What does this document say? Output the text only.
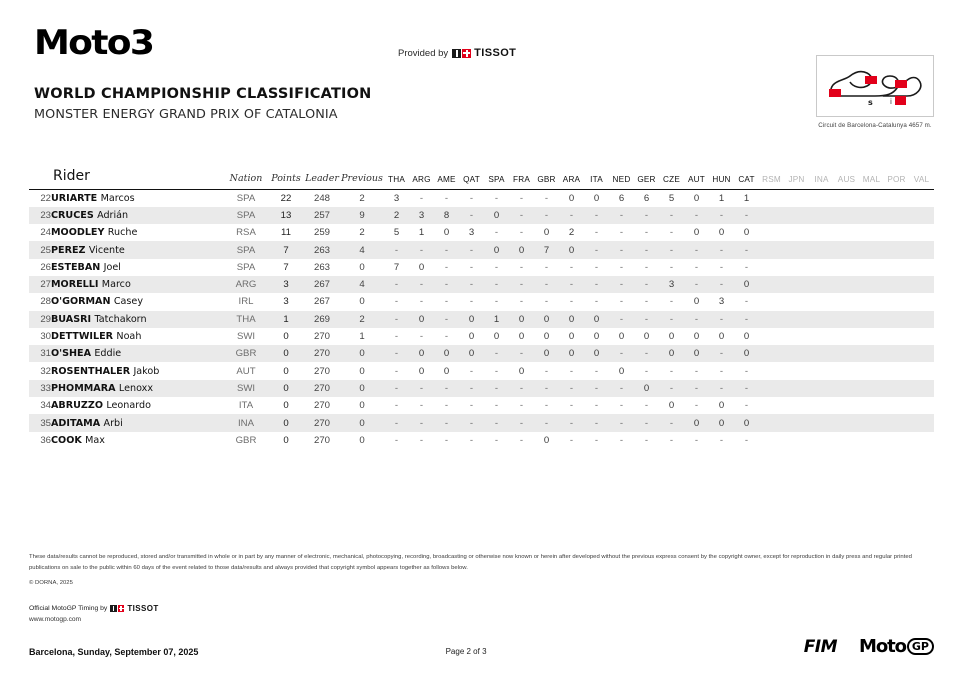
Moto3	Provided by TISSOT
WORLD CHAMPIONSHIP CLASSIFICATION
MONSTER ENERGY GRAND PRIX OF CATALONIA
i
s
Circuit de Barcelona-Catalunya 4657 m.
Rider		Nation	Points	Leader	Previous	THA	ARG	AME	QAT	SPA	FRA	GBR	ARA	ITA	NED	GER	CZE	AUT	HUN	CAT	RSM	JPN	INA	AUS	MAL	POR	VAL
22	URIARTE Marcos	SPA	22	248	2	3	-	-	-	-	-	-	0	0	6	6	5	0	1	1							
23	CRUCES Adrián	SPA	13	257	9	2	3	8	-	0	-	-	-	-	-	-	-	-	-	-							
24	MOODLEY Ruche	RSA	11	259	2	5	1	0	3	-	-	0	2	-	-	-	-	0	0	0							
25	PEREZ Vicente	SPA	7	263	4	-	-	-	-	0	0	7	0	-	-	-	-	-	-	-							
26	ESTEBAN Joel	SPA	7	263	0	7	0	-	-	-	-	-	-	-	-	-	-	-	-	-							
27	MORELLI Marco	ARG	3	267	4	-	-	-	-	-	-	-	-	-	-	-	3	-	-	0							
28	O'GORMAN Casey	IRL	3	267	0	-	-	-	-	-	-	-	-	-	-	-	-	0	3	-							
29	BUASRI Tatchakorn	THA	1	269	2	-	0	-	0	1	0	0	0	0	-	-	-	-	-	-							
30	DETTWILER Noah	SWI	0	270	1	-	-	-	0	0	0	0	0	0	0	0	0	0	0	0							
31	O'SHEA Eddie	GBR	0	270	0	-	0	0	0	-	-	0	0	0	-	-	0	0	-	0							
32	ROSENTHALER Jakob	AUT	0	270	0	-	0	0	-	-	0	-	-	-	0	-	-	-	-	-							
33	PHOMMARA Lenoxx	SWI	0	270	0	-	-	-	-	-	-	-	-	-	-	0	-	-	-	-							
34	ABRUZZO Leonardo	ITA	0	270	0	-	-	-	-	-	-	-	-	-	-	-	0	-	0	-							
35	ADITAMA Arbi	INA	0	270	0	-	-	-	-	-	-	-	-	-	-	-	-	0	0	0							
36	COOK Max	GBR	0	270	0	-	-	-	-	-	-	0	-	-	-	-	-	-	-	-							
These data/results cannot be reproduced, stored and/or transmitted in whole or in part by any manner of electronic, mechanical, photocopying, recording, broadcasting or otherwise now known or herein after developed without the previous express consent by the copyright owner, except for reproduction in daily press and regular printed publications on sale to the public within 60 days of the event related to those data/results and always provided that copyright symbol appears together as follows below.
© DORNA, 2025
Official MotoGP Timing by	TISSOT
www.motogp.com
Barcelona, Sunday, September 07, 2025	Page 2 of 3	FIM Moto GP
